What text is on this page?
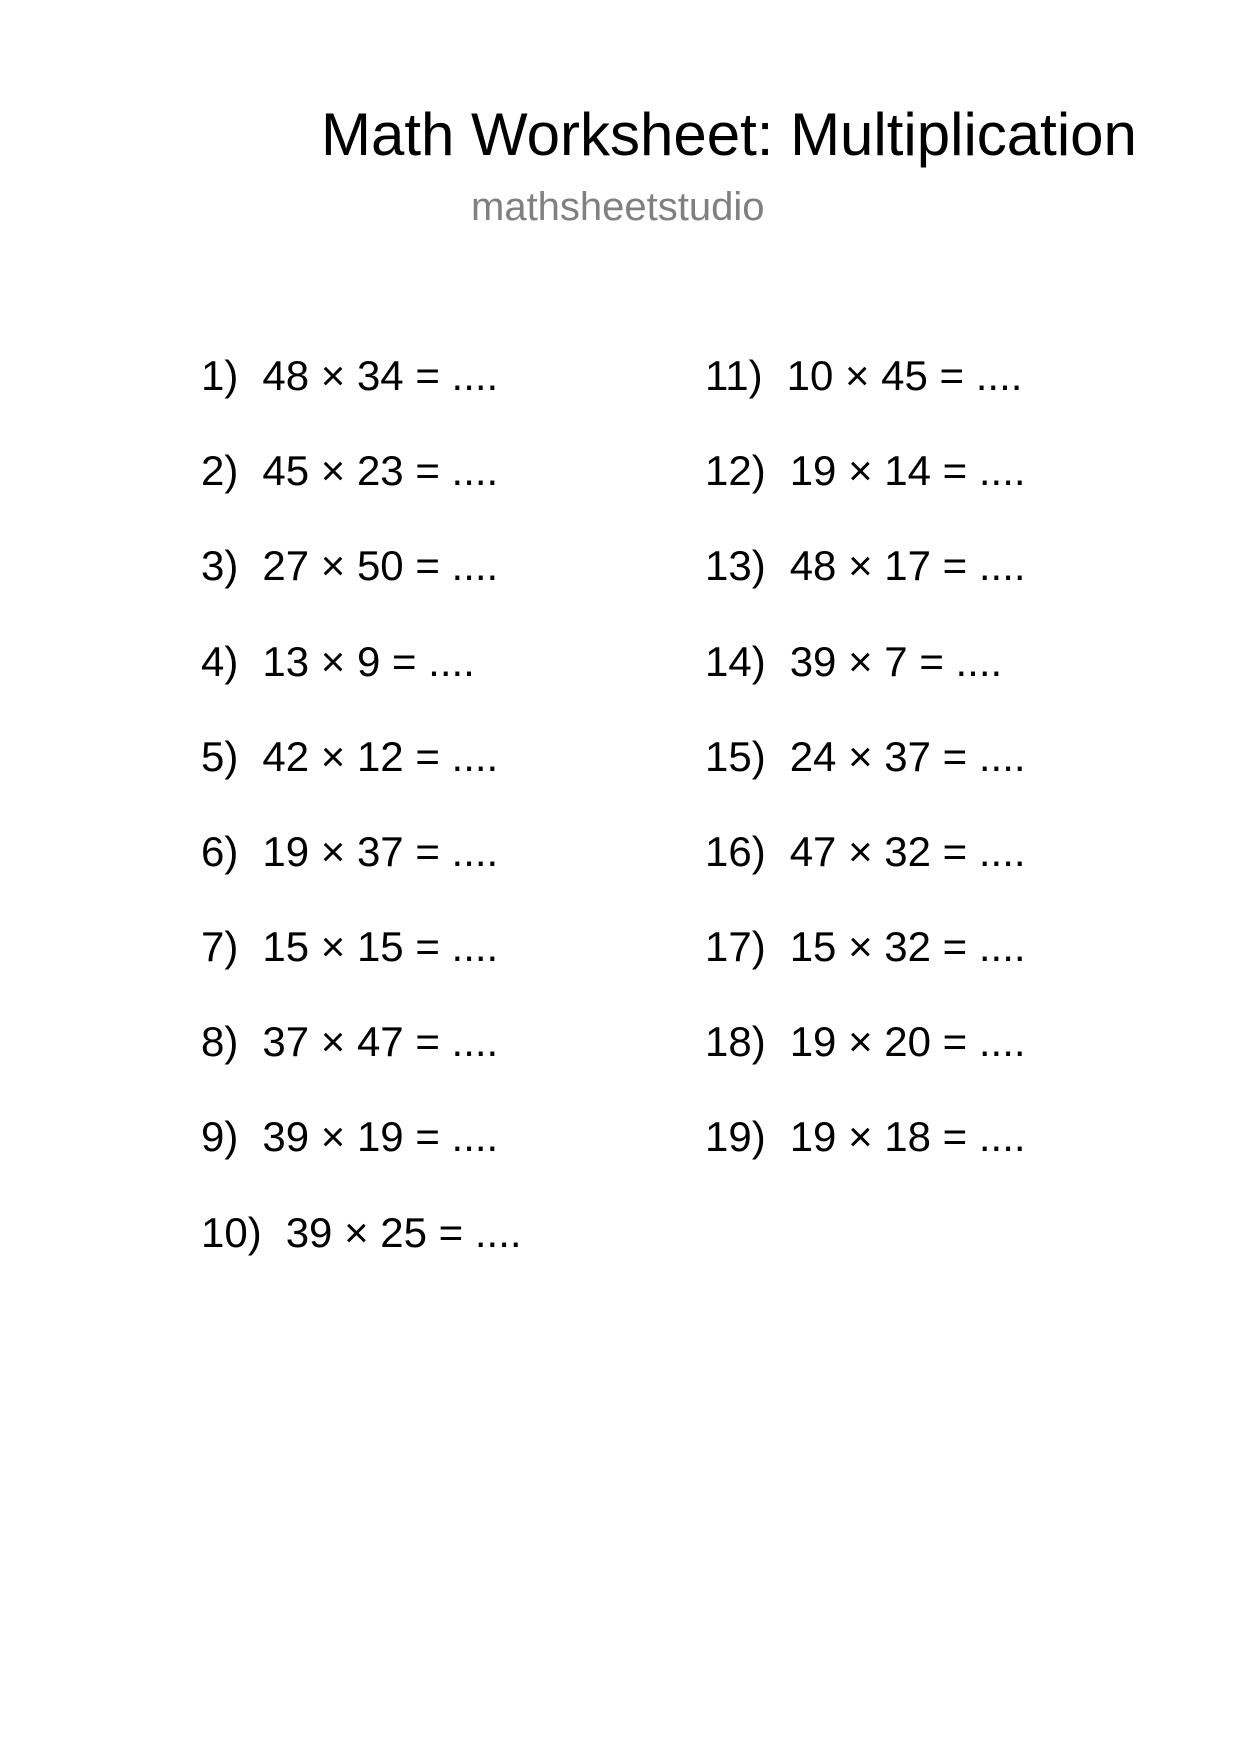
Math Worksheet: Multiplication
mathsheetstudio
1) 48 × 34 = ....
2) 45 × 23 = ....
3) 27 × 50 = ....
4) 13 × 9 = ....
5) 42 × 12 = ....
6) 19 × 37 = ....
7) 15 × 15 = ....
8) 37 × 47 = ....
9) 39 × 19 = ....
10) 39 × 25 = ....
11) 10 × 45 = ....
12) 19 × 14 = ....
13) 48 × 17 = ....
14) 39 × 7 = ....
15) 24 × 37 = ....
16) 47 × 32 = ....
17) 15 × 32 = ....
18) 19 × 20 = ....
19) 19 × 18 = ....
